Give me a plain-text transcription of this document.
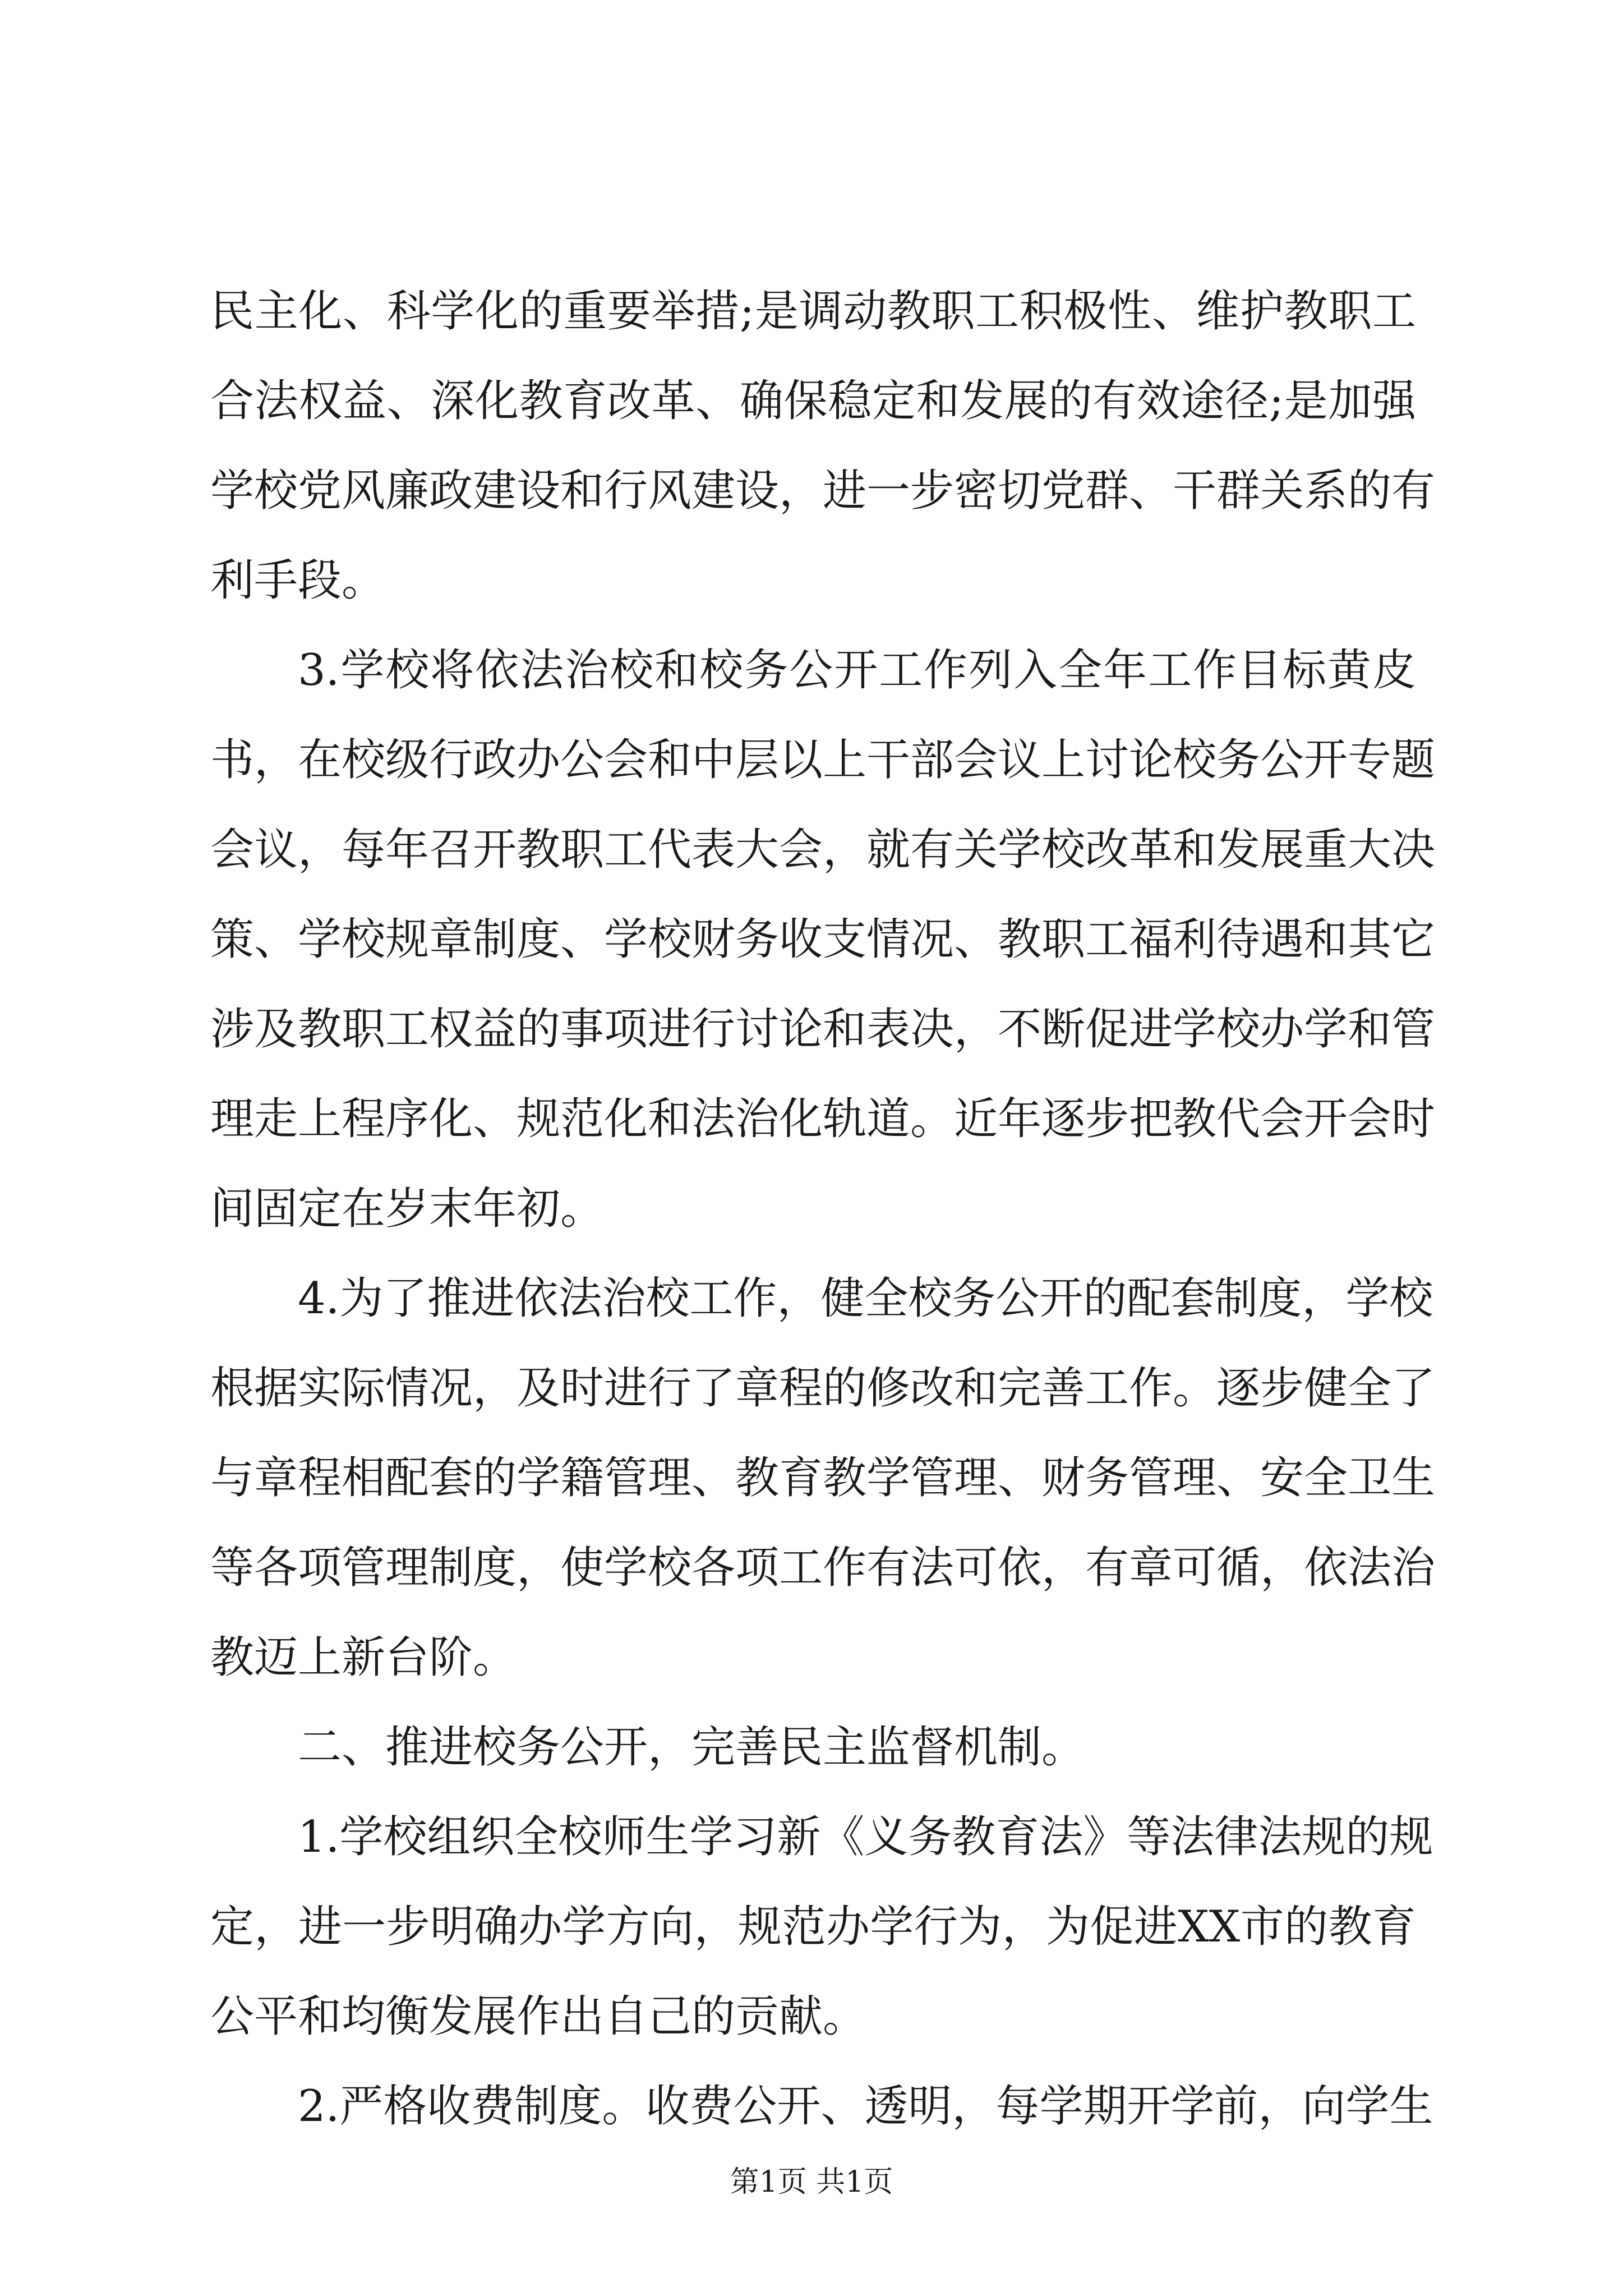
民主化、科学化的重要举措;是调动教职工积极性、维护教职工
合法权益、深化教育改革、确保稳定和发展的有效途径;是加强
学校党风廉政建设和行风建设，进一步密切党群、干群关系的有
利手段。
3.学校将依法治校和校务公开工作列入全年工作目标黄皮
书，在校级行政办公会和中层以上干部会议上讨论校务公开专题
会议，每年召开教职工代表大会，就有关学校改革和发展重大决
策、学校规章制度、学校财务收支情况、教职工福利待遇和其它
涉及教职工权益的事项进行讨论和表决，不断促进学校办学和管
理走上程序化、规范化和法治化轨道。近年逐步把教代会开会时
间固定在岁末年初。
4.为了推进依法治校工作，健全校务公开的配套制度，学校
根据实际情况，及时进行了章程的修改和完善工作。逐步健全了
与章程相配套的学籍管理、教育教学管理、财务管理、安全卫生
等各项管理制度，使学校各项工作有法可依，有章可循，依法治
教迈上新台阶。
二、推进校务公开，完善民主监督机制。
1.学校组织全校师生学习新《义务教育法》等法律法规的规
定，进一步明确办学方向，规范办学行为，为促进XX市的教育
公平和均衡发展作出自己的贡献。
2.严格收费制度。收费公开、透明，每学期开学前，向学生
第1页 共1页
